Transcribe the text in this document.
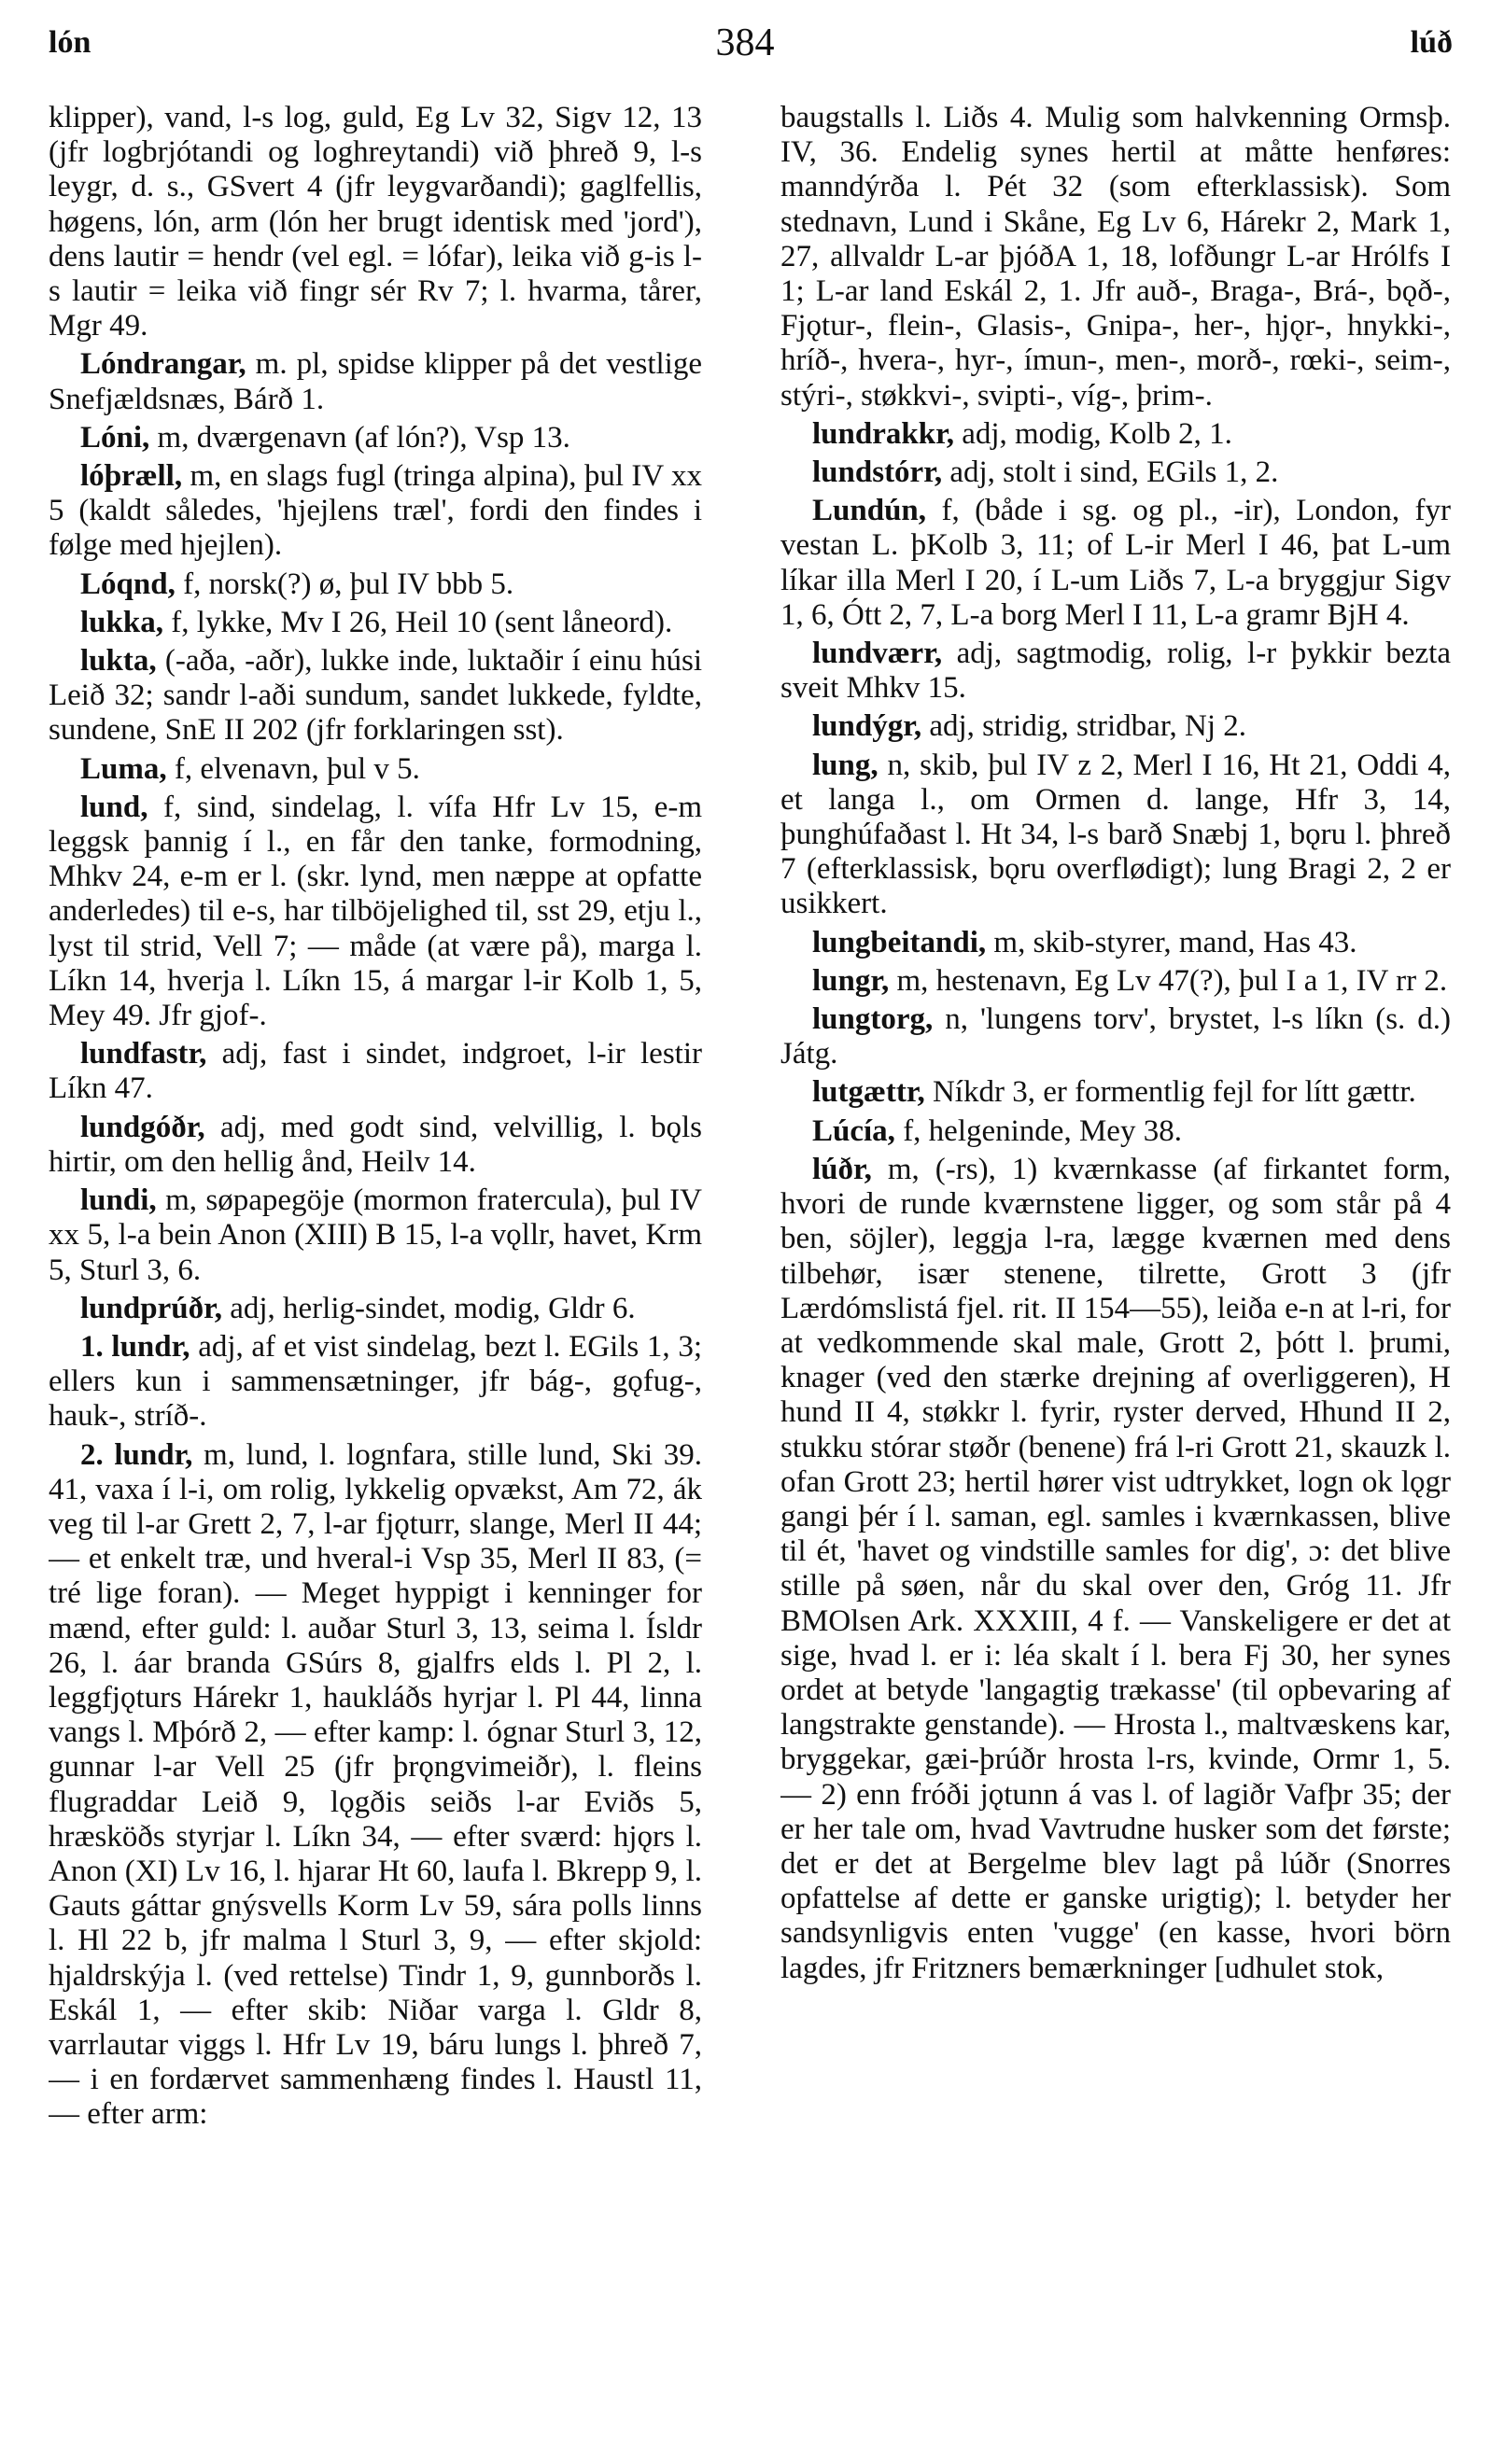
lón	384	lúð

klipper), vand, l-s log, guld, Eg Lv 32, Sigv 12, 13 (jfr logbrjótandi og loghreytandi) við þhreð 9, l-s leygr, d. s., GSvert 4 (jfr leygvarðandi); gaglfellis, høgens, lón, arm (lón her brugt identisk med 'jord'), dens lautir = hendr (vel egl. = lófar), leika við g-is l-s lautir = leika við fingr sér Rv 7; l. hvarma, tårer, Mgr 49.

Lóndrangar, m. pl, spidse klipper på det vestlige Snefjældsnæs, Bárð 1.

Lóni, m, dværgenavn (af lón?), Vsp 13.

lóþræll, m, en slags fugl (tringa alpina), þul IV xx 5 (kaldt således, 'hjejlens træl', fordi den findes i følge med hjejlen).

Lóqnd, f, norsk(?) ø, þul IV bbb 5.

lukka, f, lykke, Mv I 26, Heil 10 (sent låneord).

lukta, (-aða, -aðr), lukke inde, luktaðir í einu húsi Leið 32; sandr l-aði sundum, sandet lukkede, fyldte, sundene, SnE II 202 (jfr forklaringen sst).

Luma, f, elvenavn, þul v 5.

lund, f, sind, sindelag, l. vífa Hfr Lv 15, e-m leggsk þannig í l., en får den tanke, formodning, Mhkv 24, e-m er l. (skr. lynd, men næppe at opfatte anderledes) til e-s, har tilböjelighed til, sst 29, etju l., lyst til strid, Vell 7; — måde (at være på), marga l. Líkn 14, hverja l. Líkn 15, á margar l-ir Kolb 1, 5, Mey 49. Jfr gjof-.

lundfastr, adj, fast i sindet, indgroet, l-ir lestir Líkn 47.

lundgóðr, adj, med godt sind, velvillig, l. bǫls hirtir, om den hellig ånd, Heilv 14.

lundi, m, søpapegöje (mormon fratercula), þul IV xx 5, l-a bein Anon (XIII) B 15, l-a vǫllr, havet, Krm 5, Sturl 3, 6.

lundprúðr, adj, herlig-sindet, modig, Gldr 6.

1. lundr, adj, af et vist sindelag, bezt l. EGils 1, 3; ellers kun i sammensætninger, jfr bág-, gǫfug-, hauk-, stríð-.

2. lundr, m, lund, l. lognfara, stille lund, Ski 39. 41, vaxa í l-i, om rolig, lykkelig opvækst, Am 72, ák veg til l-ar Grett 2, 7, l-ar fjǫturr, slange, Merl II 44; — et enkelt træ, und hveral-i Vsp 35, Merl II 83, (= tré lige foran). — Meget hyppigt i kenninger for mænd, efter guld: l. auðar Sturl 3, 13, seima l. Ísldr 26, l. áar branda GSúrs 8, gjalfrs elds l. Pl 2, l. leggfjǫturs Hárekr 1, haukláðs hyrjar l. Pl 44, linna vangs l. Mþórð 2, — efter kamp: l. ógnar Sturl 3, 12, gunnar l-ar Vell 25 (jfr þrǫngvimeiðr), l. fleins flugraddar Leið 9, lǫgðis seiðs l-ar Eviðs 5, hræsköðs styrjar l. Líkn 34, — efter sværd: hjǫrs l. Anon (XI) Lv 16, l. hjarar Ht 60, laufa l. Bkrepp 9, l. Gauts gáttar gnýsvells Korm Lv 59, sára polls linns l. Hl 22 b, jfr malma l Sturl 3, 9, — efter skjold: hjaldrskýja l. (ved rettelse) Tindr 1, 9, gunnborðs l. Eskál 1, — efter skib: Niðar varga l. Gldr 8, varrlautar viggs l. Hfr Lv 19, báru lungs l. þhreð 7, — i en fordærvet sammenhæng findes l. Haustl 11, — efter arm:

baugstalls l. Liðs 4. Mulig som halvkenning Ormsþ. IV, 36. Endelig synes hertil at måtte henføres: manndýrða l. Pét 32 (som efterklassisk). Som stednavn, Lund i Skåne, Eg Lv 6, Hárekr 2, Mark 1, 27, allvaldr L-ar þjóðA 1, 18, lofðungr L-ar Hrólfs I 1; L-ar land Eskál 2, 1. Jfr auð-, Braga-, Brá-, bǫð-, Fjǫtur-, flein-, Glasis-, Gnipa-, her-, hjǫr-, hnykki-, hríð-, hvera-, hyr-, ímun-, men-, morð-, rœki-, seim-, stýri-, støkkvi-, svipti-, víg-, þrim-.

lundrakkr, adj, modig, Kolb 2, 1.

lundstórr, adj, stolt i sind, EGils 1, 2.

Lundún, f, (både i sg. og pl., -ir), London, fyr vestan L. þKolb 3, 11; of L-ir Merl I 46, þat L-um líkar illa Merl I 20, í L-um Liðs 7, L-a bryggjur Sigv 1, 6, Ótt 2, 7, L-a borg Merl I 11, L-a gramr BjH 4.

lundværr, adj, sagtmodig, rolig, l-r þykkir bezta sveit Mhkv 15.

lundýgr, adj, stridig, stridbar, Nj 2.

lung, n, skib, þul IV z 2, Merl I 16, Ht 21, Oddi 4, et langa l., om Ormen d. lange, Hfr 3, 14, þunghúfaðast l. Ht 34, l-s barð Snæbj 1, bǫru l. þhreð 7 (efterklassisk, bǫru overflødigt); lung Bragi 2, 2 er usikkert.

lungbeitandi, m, skib-styrer, mand, Has 43.

lungr, m, hestenavn, Eg Lv 47(?), þul I a 1, IV rr 2.

lungtorg, n, 'lungens torv', brystet, l-s líkn (s. d.) Játg.

lutgættr, Níkdr 3, er formentlig fejl for lítt gættr.

Lúcía, f, helgeninde, Mey 38.

lúðr, m, (-rs), 1) kværnkasse (af firkantet form, hvori de runde kværnstene ligger, og som står på 4 ben, söjler), leggja l-ra, lægge kværnen med dens tilbehør, især stenene, tilrette, Grott 3 (jfr Lærdómslistá fjel. rit. II 154—55), leiða e-n at l-ri, for at vedkommende skal male, Grott 2, þótt l. þrumi, knager (ved den stærke drejning af overliggeren), H hund II 4, støkkr l. fyrir, ryster derved, Hhund II 2, stukku stórar støðr (benene) frá l-ri Grott 21, skauzk l. ofan Grott 23; hertil hører vist udtrykket, logn ok lǫgr gangi þér í l. saman, egl. samles i kværnkassen, blive til ét, 'havet og vindstille samles for dig', ɔ: det blive stille på søen, når du skal over den, Gróg 11. Jfr BMOlsen Ark. XXXIII, 4 f. — Vanskeligere er det at sige, hvad l. er i: léa skalt í l. bera Fj 30, her synes ordet at betyde 'langagtig trækasse' (til opbevaring af langstrakte genstande). — Hrosta l., maltvæskens kar, bryggekar, gæi-þrúðr hrosta l-rs, kvinde, Ormr 1, 5. — 2) enn fróði jǫtunn á vas l. of lagiðr Vafþr 35; der er her tale om, hvad Vavtrudne husker som det første; det er det at Bergelme blev lagt på lúðr (Snorres opfattelse af dette er ganske urigtig); l. betyder her sandsynligvis enten 'vugge' (en kasse, hvori börn lagdes, jfr Fritzners bemærkninger [udhulet stok,
